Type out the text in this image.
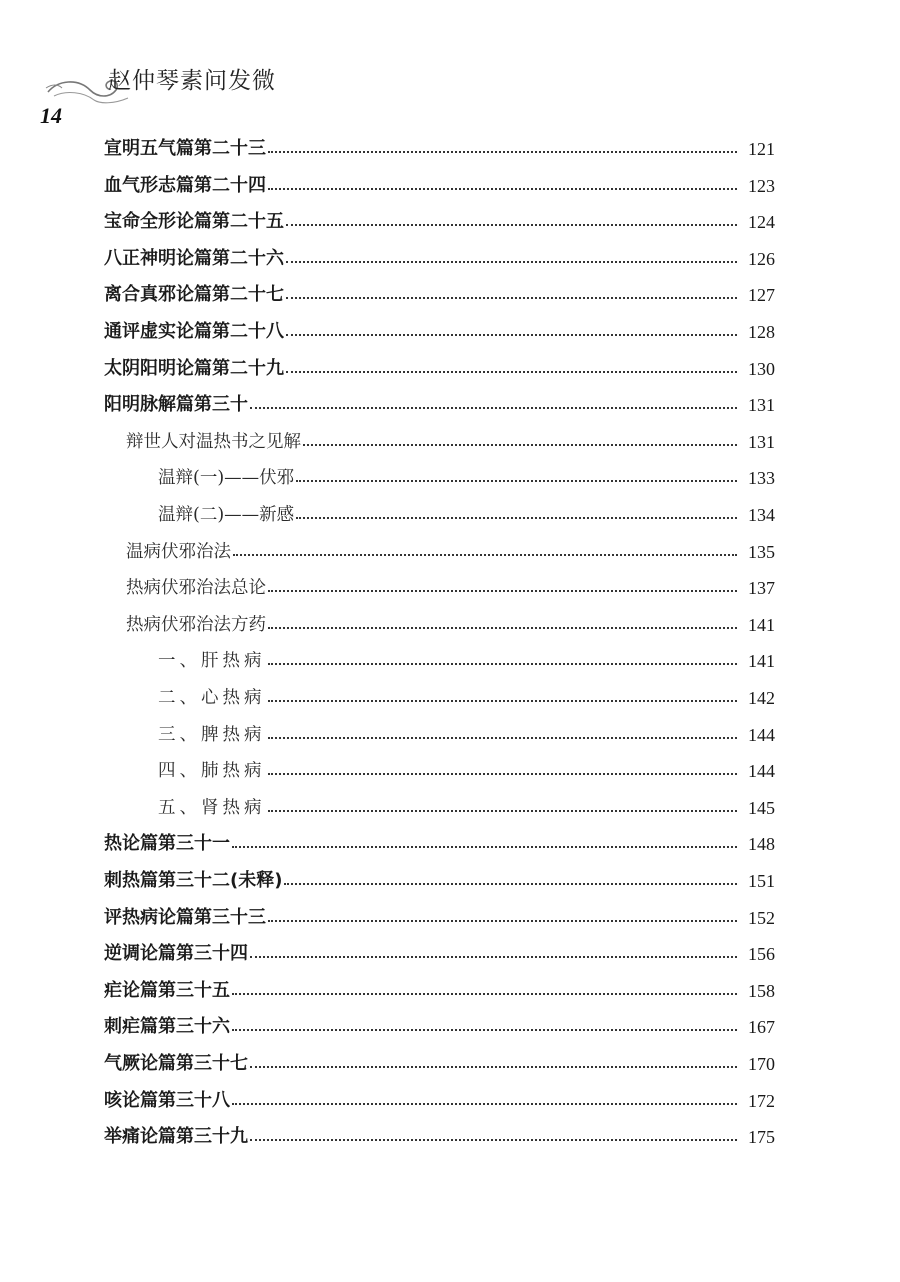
赵仲琴素问发微
14
宣明五气篇第二十三	121
血气形志篇第二十四	123
宝命全形论篇第二十五	124
八正神明论篇第二十六	126
离合真邪论篇第二十七	127
通评虚实论篇第二十八	128
太阴阳明论篇第二十九	130
阳明脉解篇第三十	131
辩世人对温热书之见解	131
温辩(一)——伏邪	133
温辩(二)——新感	134
温病伏邪治法	135
热病伏邪治法总论	137
热病伏邪治法方药	141
一、肝热病	141
二、心热病	142
三、脾热病	144
四、肺热病	144
五、肾热病	145
热论篇第三十一	148
刺热篇第三十二(未释)	151
评热病论篇第三十三	152
逆调论篇第三十四	156
疟论篇第三十五	158
刺疟篇第三十六	167
气厥论篇第三十七	170
咳论篇第三十八	172
举痛论篇第三十九	175
